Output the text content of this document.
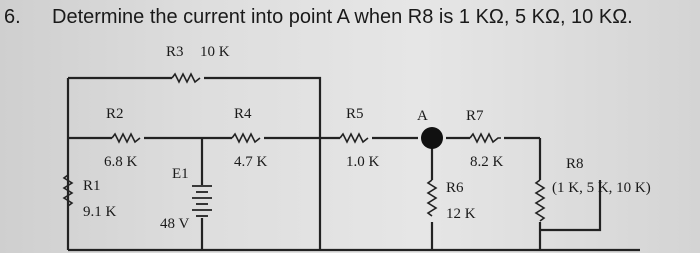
6. Determine the current into point A when R8 is 1 KΩ, 5 KΩ, 10 KΩ.
R3 10 K
R2
6.8 K
R1
9.1 K
E1
48 V
R4
4.7 K
R5
1.0 K
A	R7
8.2 K
R6
12 K
R8
(1 K, 5 K, 10 K)
